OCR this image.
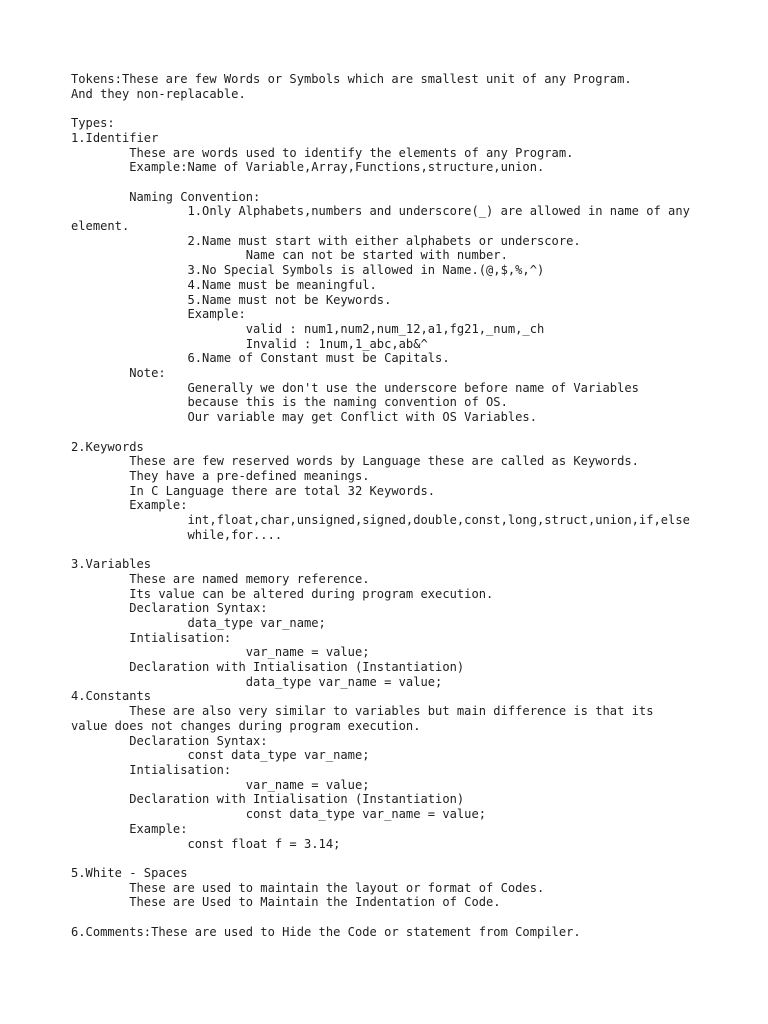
Tokens:These are few Words or Symbols which are smallest unit of any Program.
And they non-replacable.
Types:
1.Identifier
These are words used to identify the elements of any Program.
Example:Name of Variable,Array,Functions,structure,union.
Naming Convention:
1.Only Alphabets,numbers and underscore(_) are allowed in name of any
element.
2.Name must start with either alphabets or underscore.
Name can not be started with number.
3.No Special Symbols is allowed in Name.(@,$,%,^)
4.Name must be meaningful.
5.Name must not be Keywords.
Example:
valid : num1,num2,num_12,a1,fg21,_num,_ch
Invalid : 1num,1_abc,ab&^
6.Name of Constant must be Capitals.
Note:
Generally we don't use the underscore before name of Variables
because this is the naming convention of OS.
Our variable may get Conflict with OS Variables.
2.Keywords
These are few reserved words by Language these are called as Keywords.
They have a pre-defined meanings.
In C Language there are total 32 Keywords.
Example:
int,float,char,unsigned,signed,double,const,long,struct,union,if,else
while,for....
3.Variables
These are named memory reference.
Its value can be altered during program execution.
Declaration Syntax:
data_type var_name;
Intialisation:
var_name = value;
Declaration with Intialisation (Instantiation)
data_type var_name = value;
4.Constants
These are also very similar to variables but main difference is that its
value does not changes during program execution.
Declaration Syntax:
const data_type var_name;
Intialisation:
var_name = value;
Declaration with Intialisation (Instantiation)
const data_type var_name = value;
Example:
const float f = 3.14;
5.White - Spaces
These are used to maintain the layout or format of Codes.
These are Used to Maintain the Indentation of Code.
6.Comments:These are used to Hide the Code or statement from Compiler.
